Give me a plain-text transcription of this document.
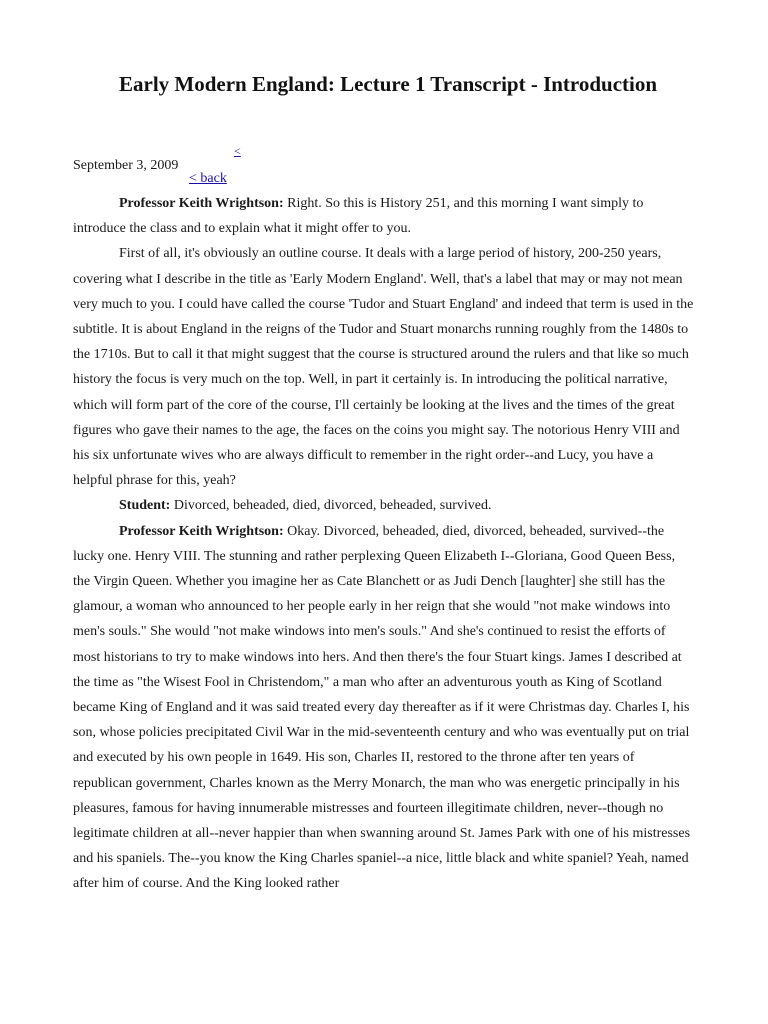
Early Modern England: Lecture 1 Transcript - Introduction

September 3, 2009

<
< back

Professor Keith Wrightson: Right. So this is History 251, and this morning I want simply to introduce the class and to explain what it might offer to you.

First of all, it's obviously an outline course. It deals with a large period of history, 200-250 years, covering what I describe in the title as 'Early Modern England'. Well, that's a label that may or may not mean very much to you. I could have called the course 'Tudor and Stuart England' and indeed that term is used in the subtitle. It is about England in the reigns of the Tudor and Stuart monarchs running roughly from the 1480s to the 1710s. But to call it that might suggest that the course is structured around the rulers and that like so much history the focus is very much on the top. Well, in part it certainly is. In introducing the political narrative, which will form part of the core of the course, I'll certainly be looking at the lives and the times of the great figures who gave their names to the age, the faces on the coins you might say. The notorious Henry VIII and his six unfortunate wives who are always difficult to remember in the right order--and Lucy, you have a helpful phrase for this, yeah?

Student: Divorced, beheaded, died, divorced, beheaded, survived.

Professor Keith Wrightson: Okay. Divorced, beheaded, died, divorced, beheaded, survived--the lucky one. Henry VIII. The stunning and rather perplexing Queen Elizabeth I--Gloriana, Good Queen Bess, the Virgin Queen. Whether you imagine her as Cate Blanchett or as Judi Dench [laughter] she still has the glamour, a woman who announced to her people early in her reign that she would "not make windows into men's souls." She would "not make windows into men's souls." And she's continued to resist the efforts of most historians to try to make windows into hers. And then there's the four Stuart kings. James I described at the time as "the Wisest Fool in Christendom," a man who after an adventurous youth as King of Scotland became King of England and it was said treated every day thereafter as if it were Christmas day. Charles I, his son, whose policies precipitated Civil War in the mid-seventeenth century and who was eventually put on trial and executed by his own people in 1649. His son, Charles II, restored to the throne after ten years of republican government, Charles known as the Merry Monarch, the man who was energetic principally in his pleasures, famous for having innumerable mistresses and fourteen illegitimate children, never--though no legitimate children at all--never happier than when swanning around St. James Park with one of his mistresses and his spaniels. The--you know the King Charles spaniel--a nice, little black and white spaniel? Yeah, named after him of course. And the King looked rather
